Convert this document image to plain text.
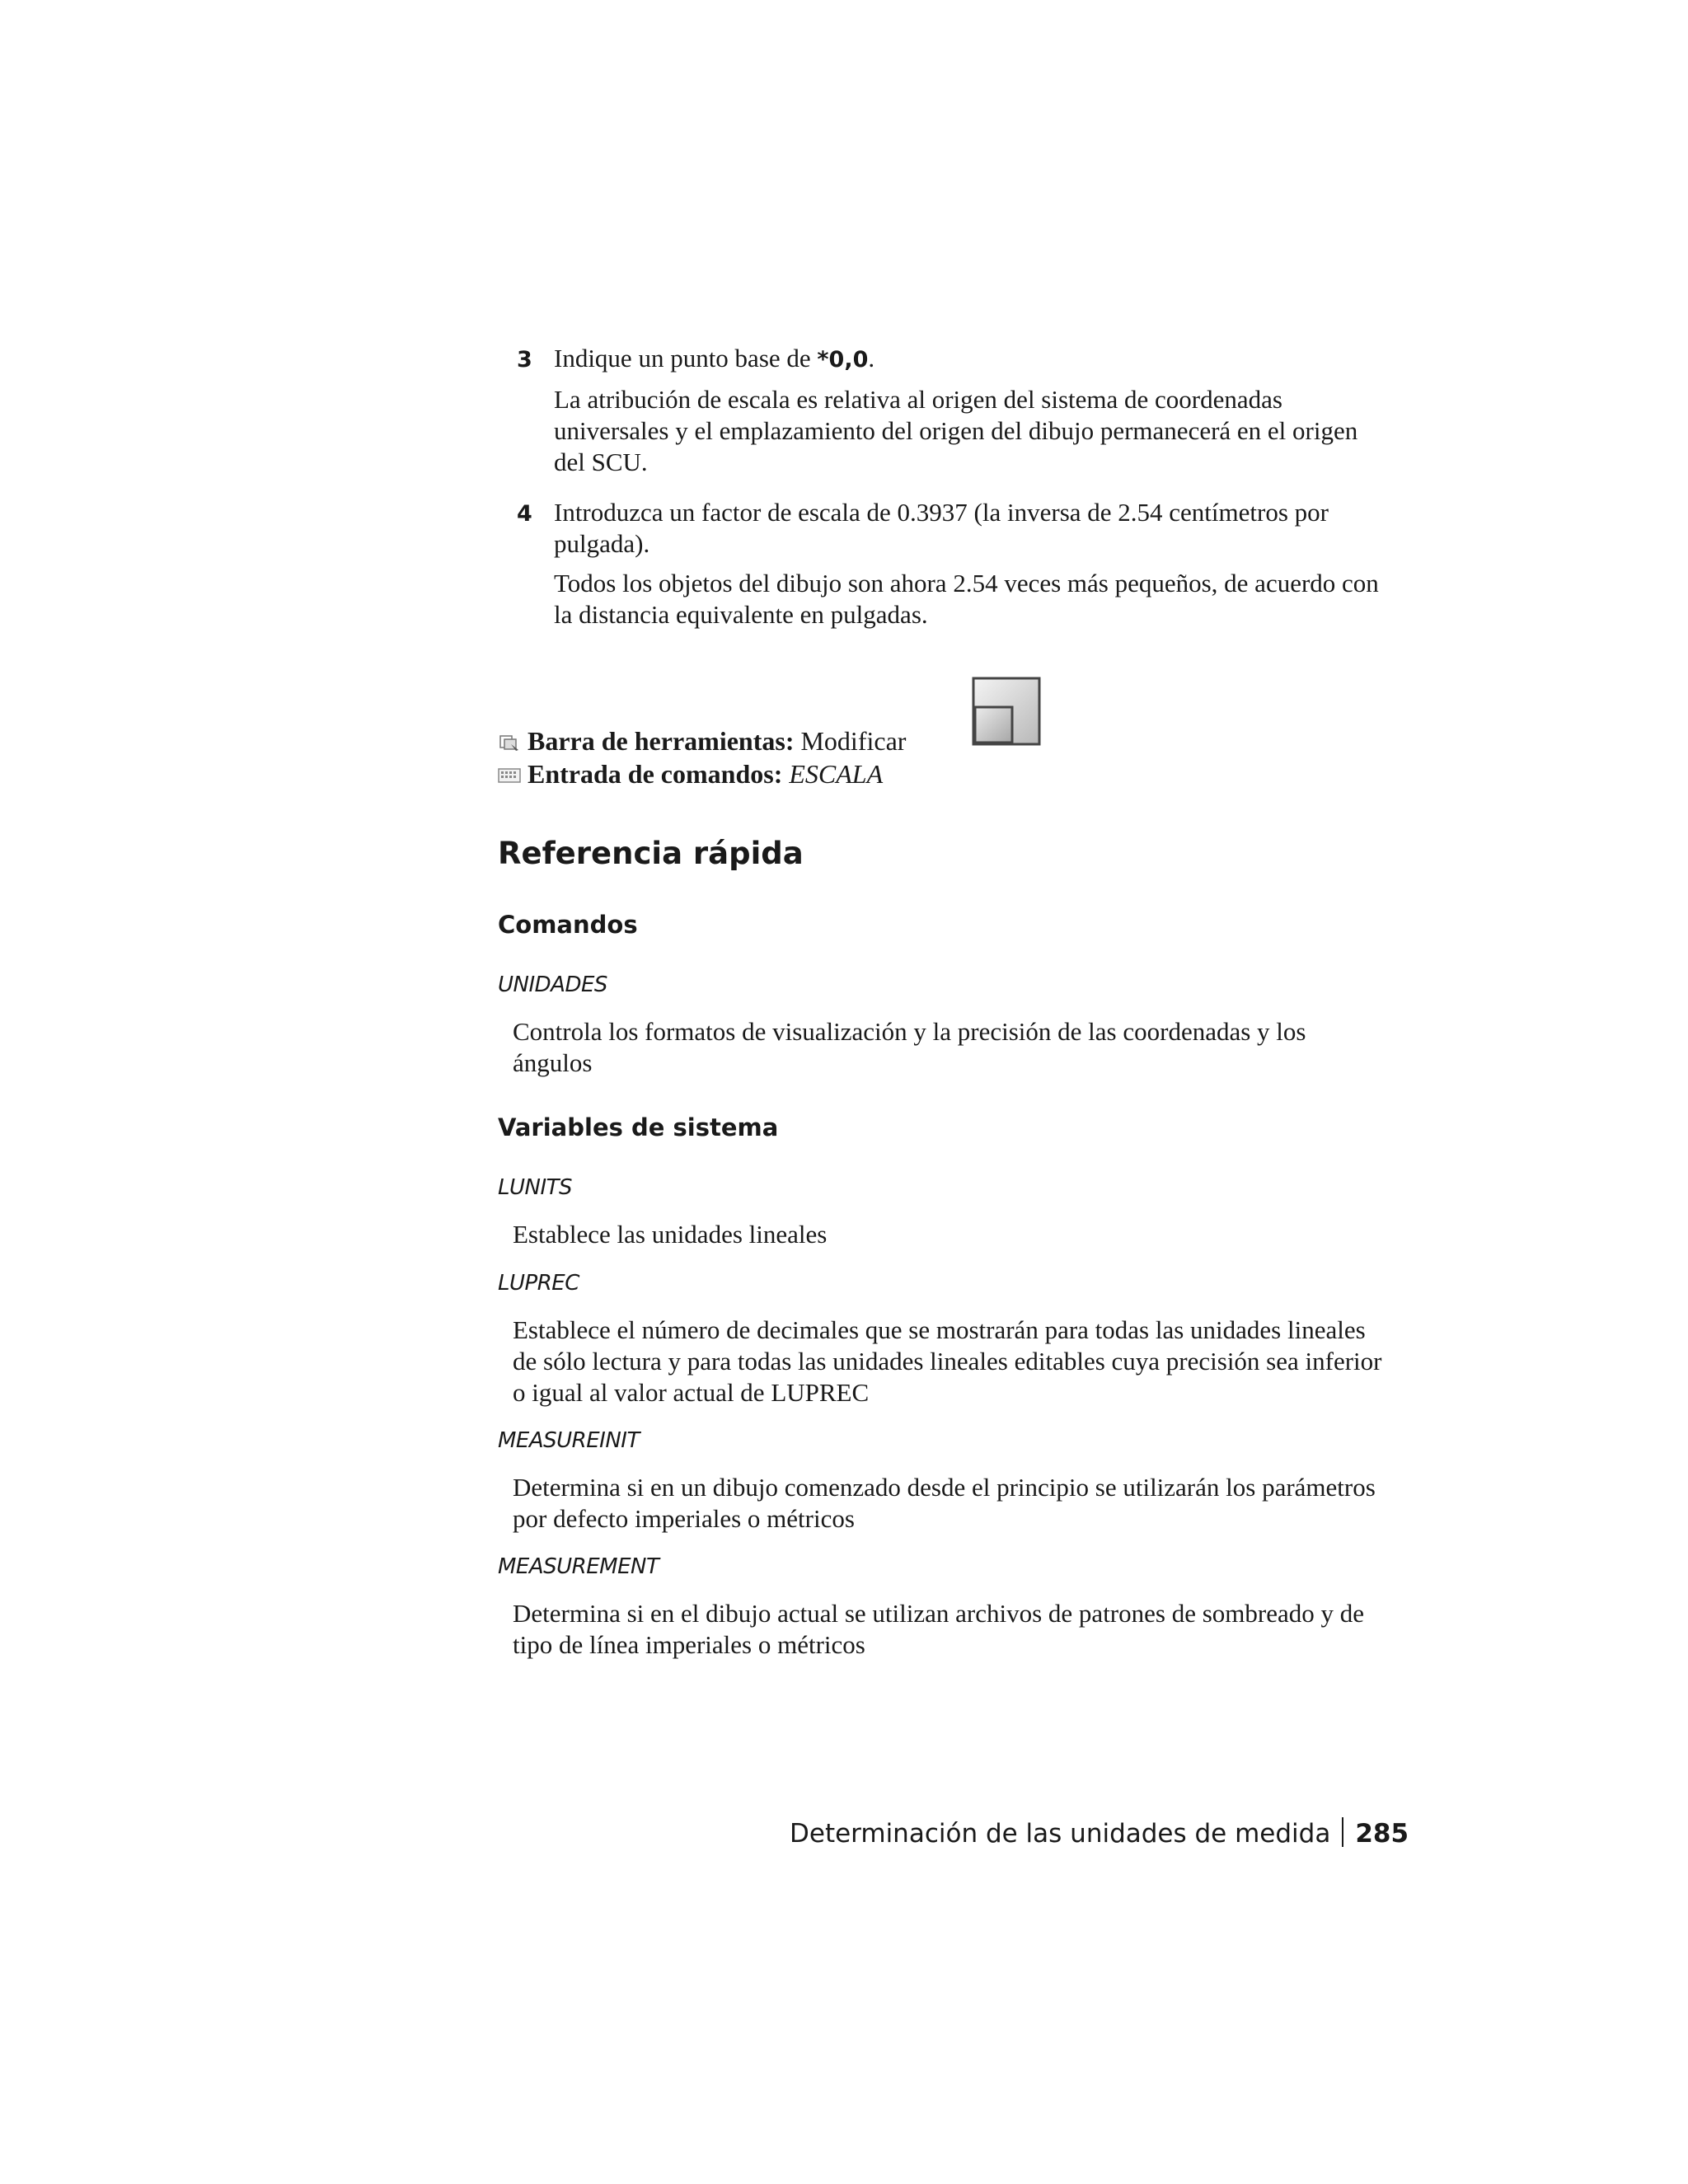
3 Indique un punto base de *0,0.

La atribución de escala es relativa al origen del sistema de coordenadas universales y el emplazamiento del origen del dibujo permanecerá en el origen del SCU.

4 Introduzca un factor de escala de 0.3937 (la inversa de 2.54 centímetros por pulgada).

Todos los objetos del dibujo son ahora 2.54 veces más pequeños, de acuerdo con la distancia equivalente en pulgadas.

Barra de herramientas: Modificar
Entrada de comandos: ESCALA
Referencia rápida
Comandos
UNIDADES

Controla los formatos de visualización y la precisión de las coordenadas y los ángulos

Variables de sistema
LUNITS

Establece las unidades lineales

LUPREC

Establece el número de decimales que se mostrarán para todas las unidades lineales de sólo lectura y para todas las unidades lineales editables cuya precisión sea inferior o igual al valor actual de LUPREC

MEASUREINIT

Determina si en un dibujo comenzado desde el principio se utilizarán los parámetros por defecto imperiales o métricos

MEASUREMENT

Determina si en el dibujo actual se utilizan archivos de patrones de sombreado y de tipo de línea imperiales o métricos

Determinación de las unidades de medida 285
